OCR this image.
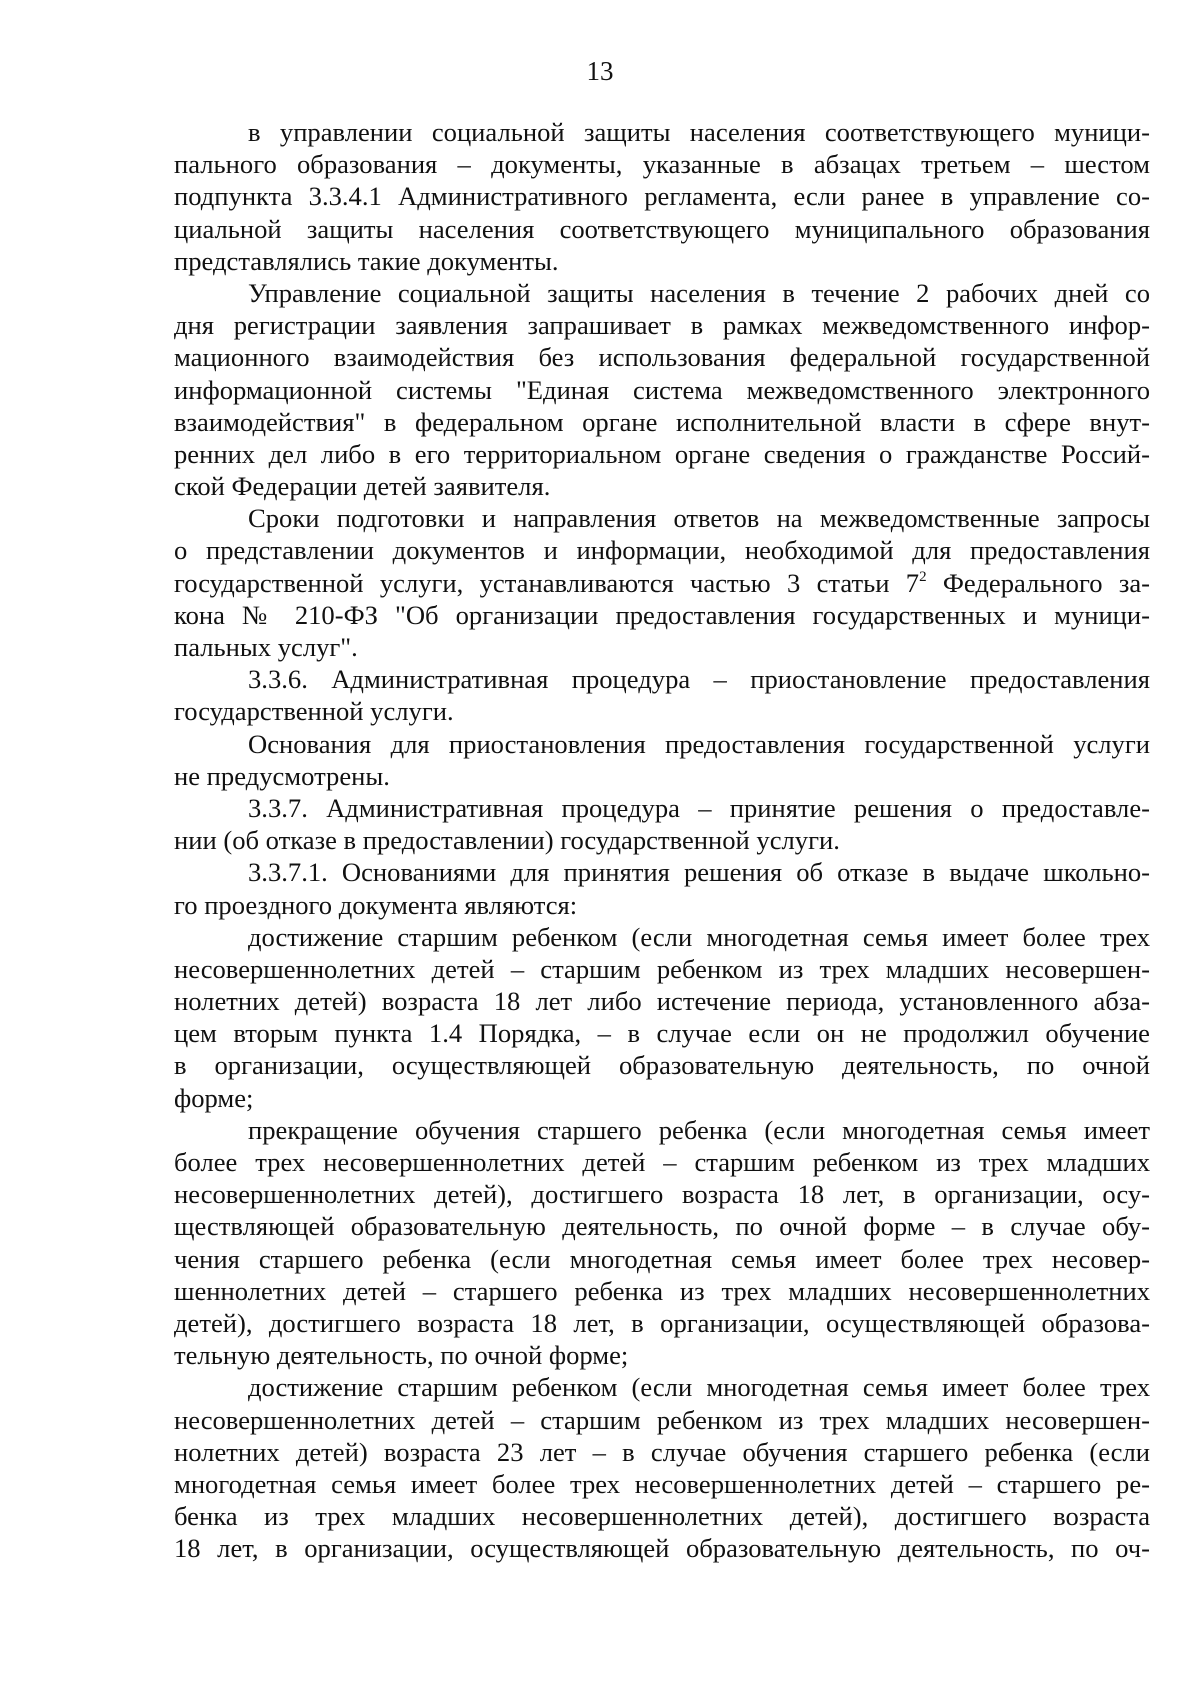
13
в управлении социальной защиты населения соответствующего муници-
пального образования – документы, указанные в абзацах третьем – шестом
подпункта 3.3.4.1 Административного регламента, если ранее в управление со-
циальной защиты населения соответствующего муниципального образования
представлялись такие документы.
Управление социальной защиты населения в течение 2 рабочих дней со
дня регистрации заявления запрашивает в рамках межведомственного инфор-
мационного взаимодействия без использования федеральной государственной
информационной системы "Единая система межведомственного электронного
взаимодействия" в федеральном органе исполнительной власти в сфере внут-
ренних дел либо в его территориальном органе сведения о гражданстве Россий-
ской Федерации детей заявителя.
Сроки подготовки и направления ответов на межведомственные запросы
о представлении документов и информации, необходимой для предоставления
государственной услуги, устанавливаются частью 3 статьи $7^2$ Федерального за-
кона № 210-ФЗ "Об организации предоставления государственных и муници-
пальных услуг".
3.3.6. Административная процедура – приостановление предоставления
государственной услуги.
Основания для приостановления предоставления государственной услуги
не предусмотрены.
3.3.7. Административная процедура – принятие решения о предоставле-
нии (об отказе в предоставлении) государственной услуги.
3.3.7.1. Основаниями для принятия решения об отказе в выдаче школьно-
го проездного документа являются:
достижение старшим ребенком (если многодетная семья имеет более трех
несовершеннолетних детей – старшим ребенком из трех младших несовершен-
нолетних детей) возраста 18 лет либо истечение периода, установленного абза-
цем вторым пункта 1.4 Порядка, – в случае если он не продолжил обучение
в организации, осуществляющей образовательную деятельность, по очной
форме;
прекращение обучения старшего ребенка (если многодетная семья имеет
более трех несовершеннолетних детей – старшим ребенком из трех младших
несовершеннолетних детей), достигшего возраста 18 лет, в организации, осу-
ществляющей образовательную деятельность, по очной форме – в случае обу-
чения старшего ребенка (если многодетная семья имеет более трех несовер-
шеннолетних детей – старшего ребенка из трех младших несовершеннолетних
детей), достигшего возраста 18 лет, в организации, осуществляющей образова-
тельную деятельность, по очной форме;
достижение старшим ребенком (если многодетная семья имеет более трех
несовершеннолетних детей – старшим ребенком из трех младших несовершен-
нолетних детей) возраста 23 лет – в случае обучения старшего ребенка (если
многодетная семья имеет более трех несовершеннолетних детей – старшего ре-
бенка из трех младших несовершеннолетних детей), достигшего возраста
18 лет, в организации, осуществляющей образовательную деятельность, по оч-
